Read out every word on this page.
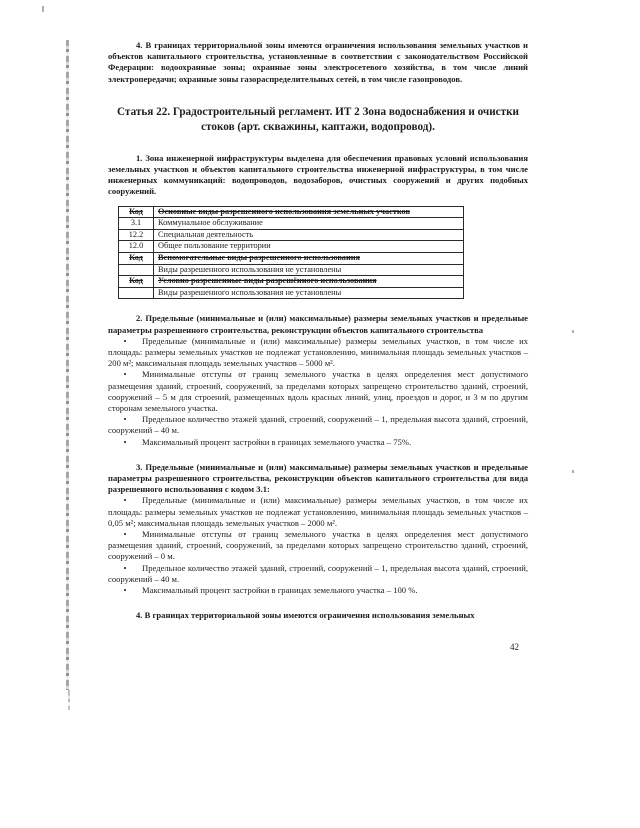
4. В границах территориальной зоны имеются ограничения использования земельных участков и объектов капитального строительства, установленные в соответствии с законодательством Российской Федерации: водоохранные зоны; охранные зоны электросетевого хозяйства, в том числе линий электропередачи; охранные зоны газораспределительных сетей, в том числе газопроводов.

Статья 22. Градостроительный регламент. ИТ 2 Зона водоснабжения и очистки стоков (арт. скважины, каптажи, водопровод).

1. Зона инженерной инфраструктуры выделена для обеспечения правовых условий использования земельных участков и объектов капитального строительства инженерной инфраструктуры, в том числе инженерных коммуникаций: водопроводов, водозаборов, очистных сооружений и других подобных сооружений.

Код	Основные виды разрешенного использования земельных участков
3.1	Коммунальное обслуживание
12.2	Специальная деятельность
12.0	Общее пользование территории
Код	Вспомогательные виды разрешенного использования
	Виды разрешенного использования не установлены
Код	Условно разрешенные виды разрешённого использования
	Виды разрешенного использования не установлены

2. Предельные (минимальные и (или) максимальные) размеры земельных участков и предельные параметры разрешенного строительства, реконструкции объектов капитального строительства

• Предельные (минимальные и (или) максимальные) размеры земельных участков, в том числе их площадь: размеры земельных участков не подлежат установлению, минимальная площадь земельных участков – 200 м²; максимальная площадь земельных участков – 5000 м².

• Минимальные отступы от границ земельного участка в целях определения мест допустимого размещения зданий, строений, сооружений, за пределами которых запрещено строительство зданий, строений, сооружений – 5 м для строений, размещенных вдоль красных линий, улиц, проездов и дорог, и 3 м по другим сторонам земельного участка.

• Предельное количество этажей зданий, строений, сооружений – 1, предельная высота зданий, строений, сооружений – 40 м.

• Максимальный процент застройки в границах земельного участка – 75%.

3. Предельные (минимальные и (или) максимальные) размеры земельных участков и предельные параметры разрешенного строительства, реконструкции объектов капитального строительства для вида разрешенного использования с кодом 3.1:

• Предельные (минимальные и (или) максимальные) размеры земельных участков, в том числе их площадь: размеры земельных участков не подлежат установлению, минимальная площадь земельных участков – 0,05 м²; максимальная площадь земельных участков – 2000 м².

• Минимальные отступы от границ земельного участка в целях определения мест допустимого размещения зданий, строений, сооружений, за пределами которых запрещено строительство зданий, строений, сооружений – 0 м.

• Предельное количество этажей зданий, строений, сооружений – 1, предельная высота зданий, строений, сооружений – 40 м.

• Максимальный процент застройки в границах земельного участка – 100 %.

4. В границах территориальной зоны имеются ограничения использования земельных

42
